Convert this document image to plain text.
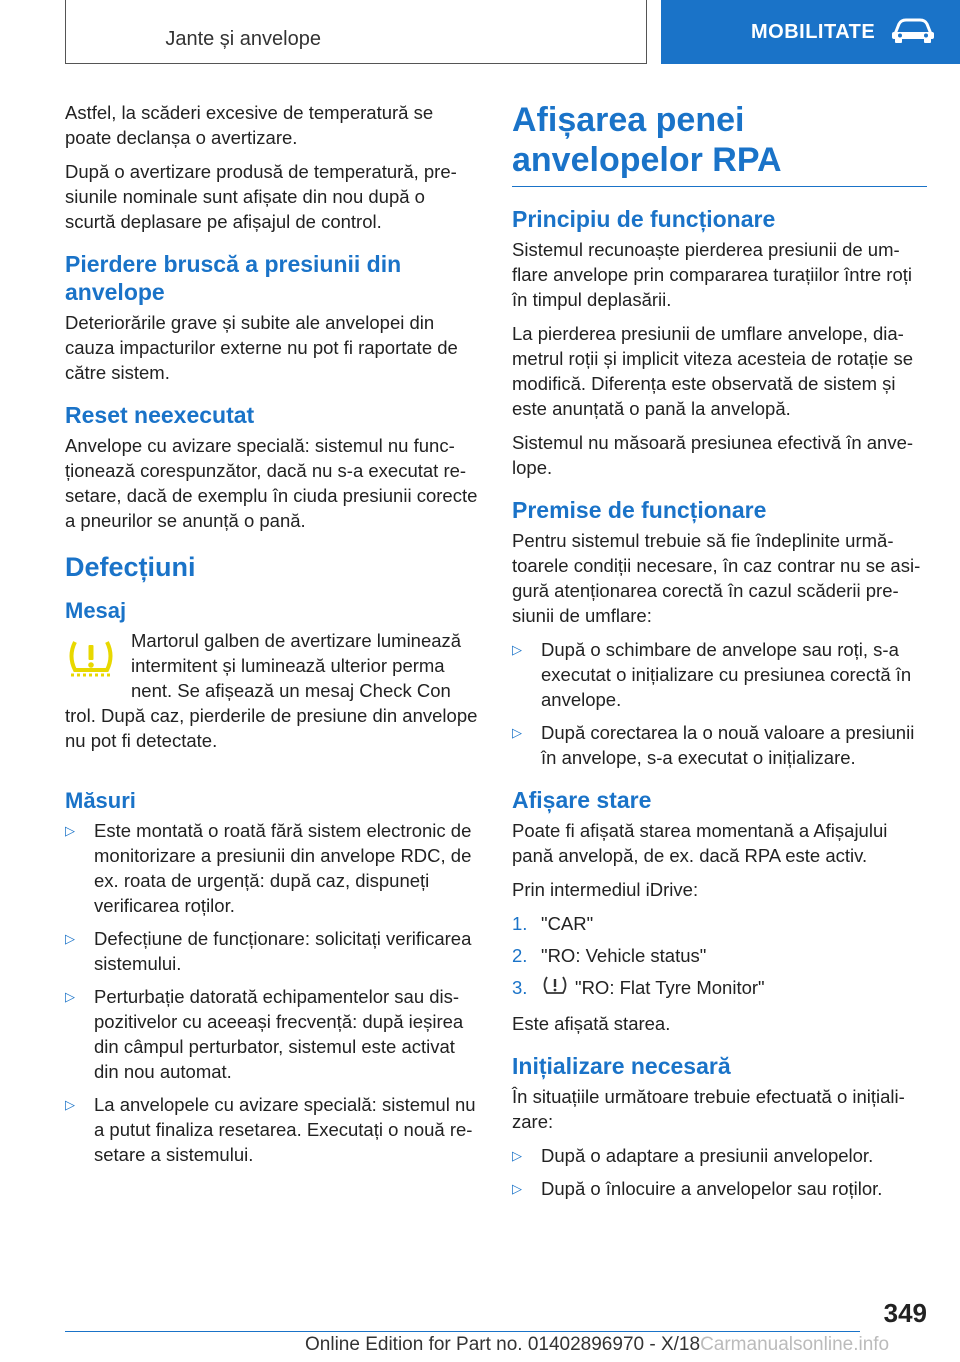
Jante și anvelope	MOBILITATE

Astfel, la scăderi excesive de temperatură se poate declanșa o avertizare.

După o avertizare produsă de temperatură, presiunile nominale sunt afișate din nou după o scurtă deplasare pe afișajul de control.

Pierdere bruscă a presiunii din anvelope

Deteriorările grave și subite ale anvelopei din cauza impacturilor externe nu pot fi raportate de către sistem.

Reset neexecutat

Anvelope cu avizare specială: sistemul nu funcționează corespunzător, dacă nu s-a executat resetare, dacă de exemplu în ciuda presiunii corecte a pneurilor se anunță o pană.

Defecțiuni
Mesaj
Martorul galben de avertizare luminează
intermitent și luminează ulterior perma
nent. Se afișează un mesaj Check Con
trol. După caz, pierderile de presiune din anvelope nu pot fi detectate.
Măsuri
▷ Este montată o roată fără sistem electronic de monitorizare a presiunii din anvelope RDC, de ex. roata de urgență: după caz, dispuneți verificarea roților.
▷ Defecțiune de funcționare: solicitați verificarea sistemului.
▷ Perturbație datorată echipamentelor sau dispozitivelor cu aceeași frecvență: după ieșirea din câmpul perturbator, sistemul este activat din nou automat.
▷ La anvelopele cu avizare specială: sistemul nu a putut finaliza resetarea. Executați o nouă resetare a sistemului.
Afișarea penei anvelopelor RPA
Principiu de funcționare

Sistemul recunoaște pierderea presiunii de umflare anvelope prin compararea turațiilor între roți în timpul deplasării.

La pierderea presiunii de umflare anvelope, diametrul roții și implicit viteza acesteia de rotație se modifică. Diferența este observată de sistem și este anunțată o pană la anvelopă.

Sistemul nu măsoară presiunea efectivă în anvelope.

Premise de funcționare

Pentru sistemul trebuie să fie îndeplinite următoarele condiții necesare, în caz contrar nu se asigură atenționarea corectă în cazul scăderii presiunii de umflare:

▷ După o schimbare de anvelope sau roți, s-a executat o inițializare cu presiunea corectă în anvelope.
▷ După corectarea la o nouă valoare a presiunii în anvelope, s-a executat o inițializare.
Afișare stare

Poate fi afișată starea momentană a Afișajului pană anvelopă, de ex. dacă RPA este activ.

Prin intermediul iDrive:

1. "CAR"
2. "RO: Vehicle status"
3.	"RO: Flat Tyre Monitor"

Este afișată starea.

Inițializare necesară

În situațiile următoare trebuie efectuată o inițializare:

▷ După o adaptare a presiunii anvelopelor.
▷ După o înlocuire a anvelopelor sau roților.
349
Online Edition for Part no. 01402896970 - X/18Carmanualsonline.info
